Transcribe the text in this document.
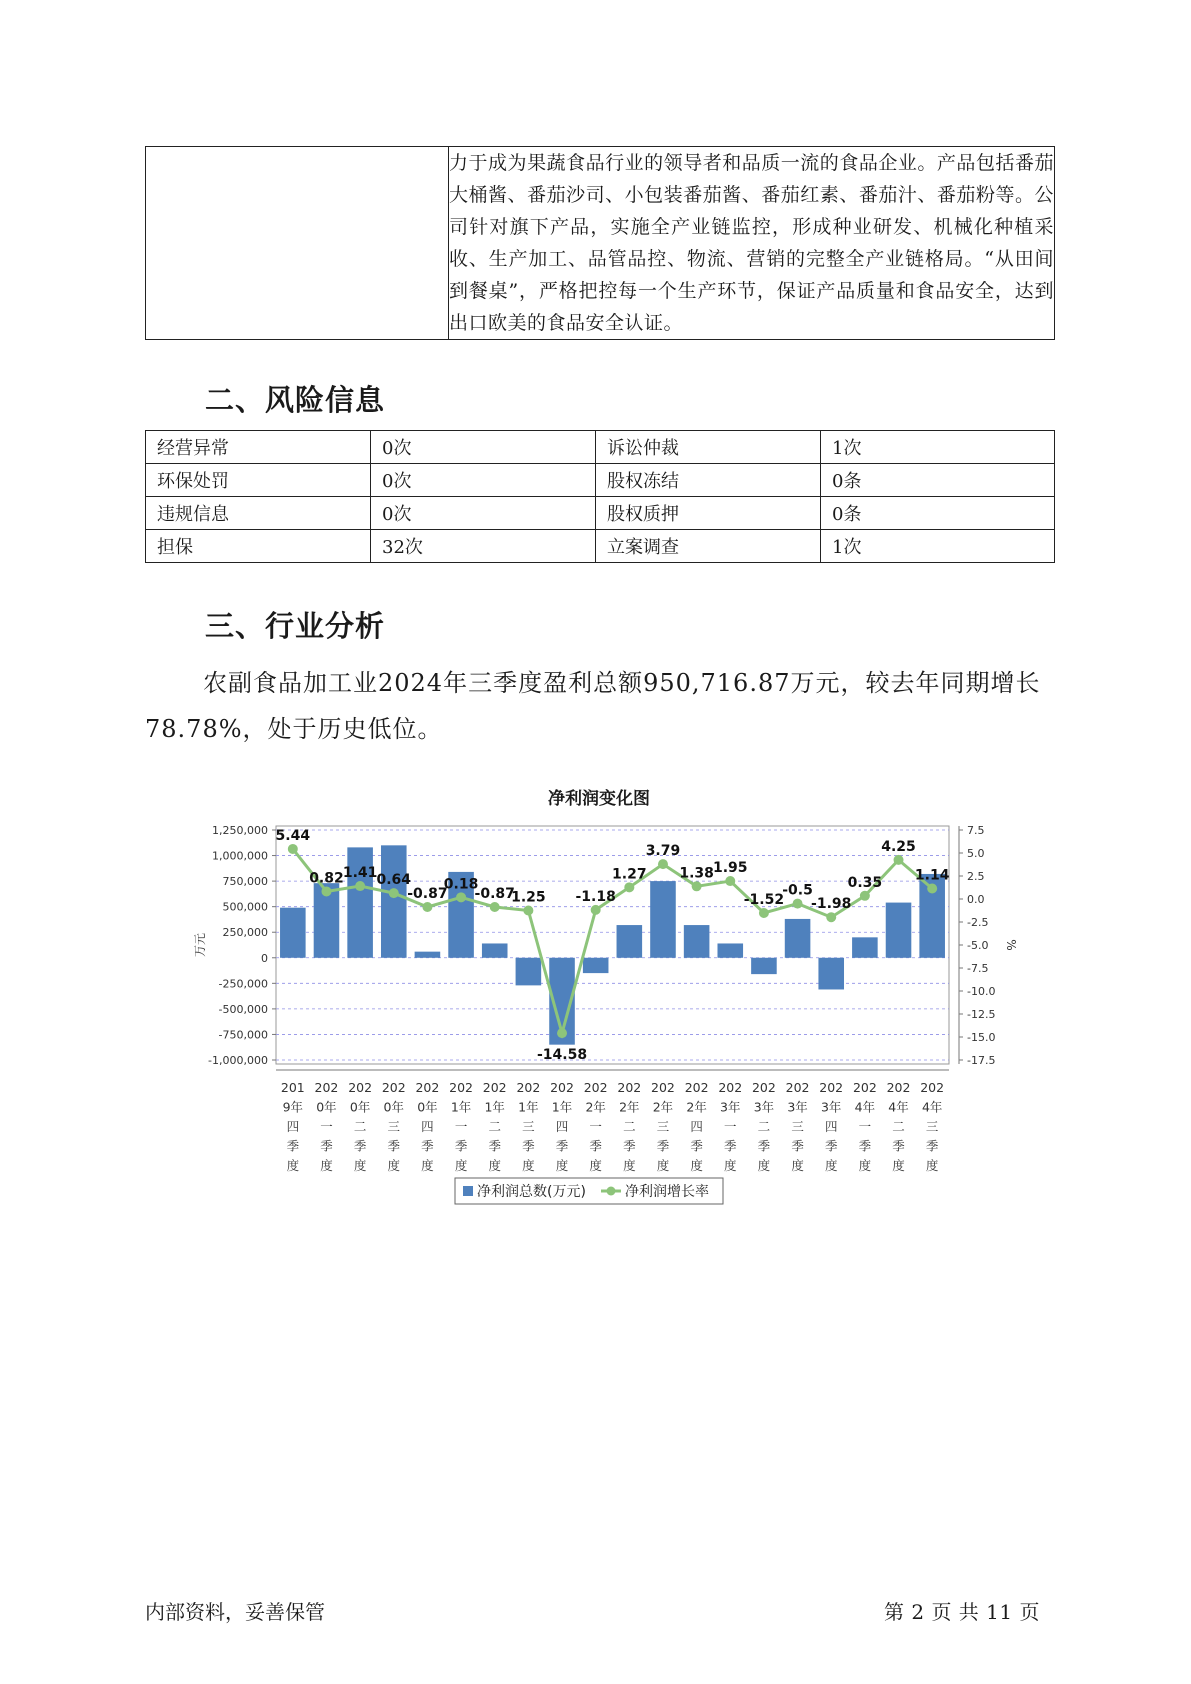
	力于成为果蔬食品行业的领导者和品质一流的食品企业。产品包括番茄大桶酱、番茄沙司、小包装番茄酱、番茄红素、番茄汁、番茄粉等。公司针对旗下产品，实施全产业链监控，形成种业研发、机械化种植采收、生产加工、品管品控、物流、营销的完整全产业链格局。“从田间到餐桌”，严格把控每一个生产环节，保证产品质量和食品安全，达到出口欧美的食品安全认证。
二、风险信息
经营异常	0次	诉讼仲裁	1次
环保处罚	0次	股权冻结	0条
违规信息	0次	股权质押	0条
担保	32次	立案调查	1次
三、行业分析

农副食品加工业2024年三季度盈利总额950,716.87万元，较去年同期增长78.78%，处于历史低位。

净利润变化图
1,250,000
1,000,000
750,000
500,000
250,000
0
-250,000
-500,000
-750,000
-1,000,000
7.5
5.0
2.5
0.0
-2.5
-5.0
-7.5
-10.0
-12.5
-15.0
-17.5
万元	%
5.44
0.82 1.41 0.64
-0.87
0.18
-0.87
1.25
-14.58
-1.18
1.27
3.79
1.38 1.95
-1.52
-0.5
-1.98
0.35
4.25
1.14
201
9年
四
季
度
202
0年
一
季
度
202
0年
二
季
度
202
0年
三
季
度
202
0年
四
季
度
202
1年
一
季
度
202
1年
二
季
度
202
1年
三
季
度
202
1年
四
季
度
202
2年
一
季
度
202
2年
二
季
度
202
2年
三
季
度
202
2年
四
季
度
202
3年
一
季
度
202
3年
二
季
度
202
3年
三
季
度
202
3年
四
季
度
202
4年
一
季
度
202
4年
二
季
度
202
4年
三
季
度
净利润总数(万元)	净利润增长率
内部资料，妥善保管	第 2 页 共 11 页
